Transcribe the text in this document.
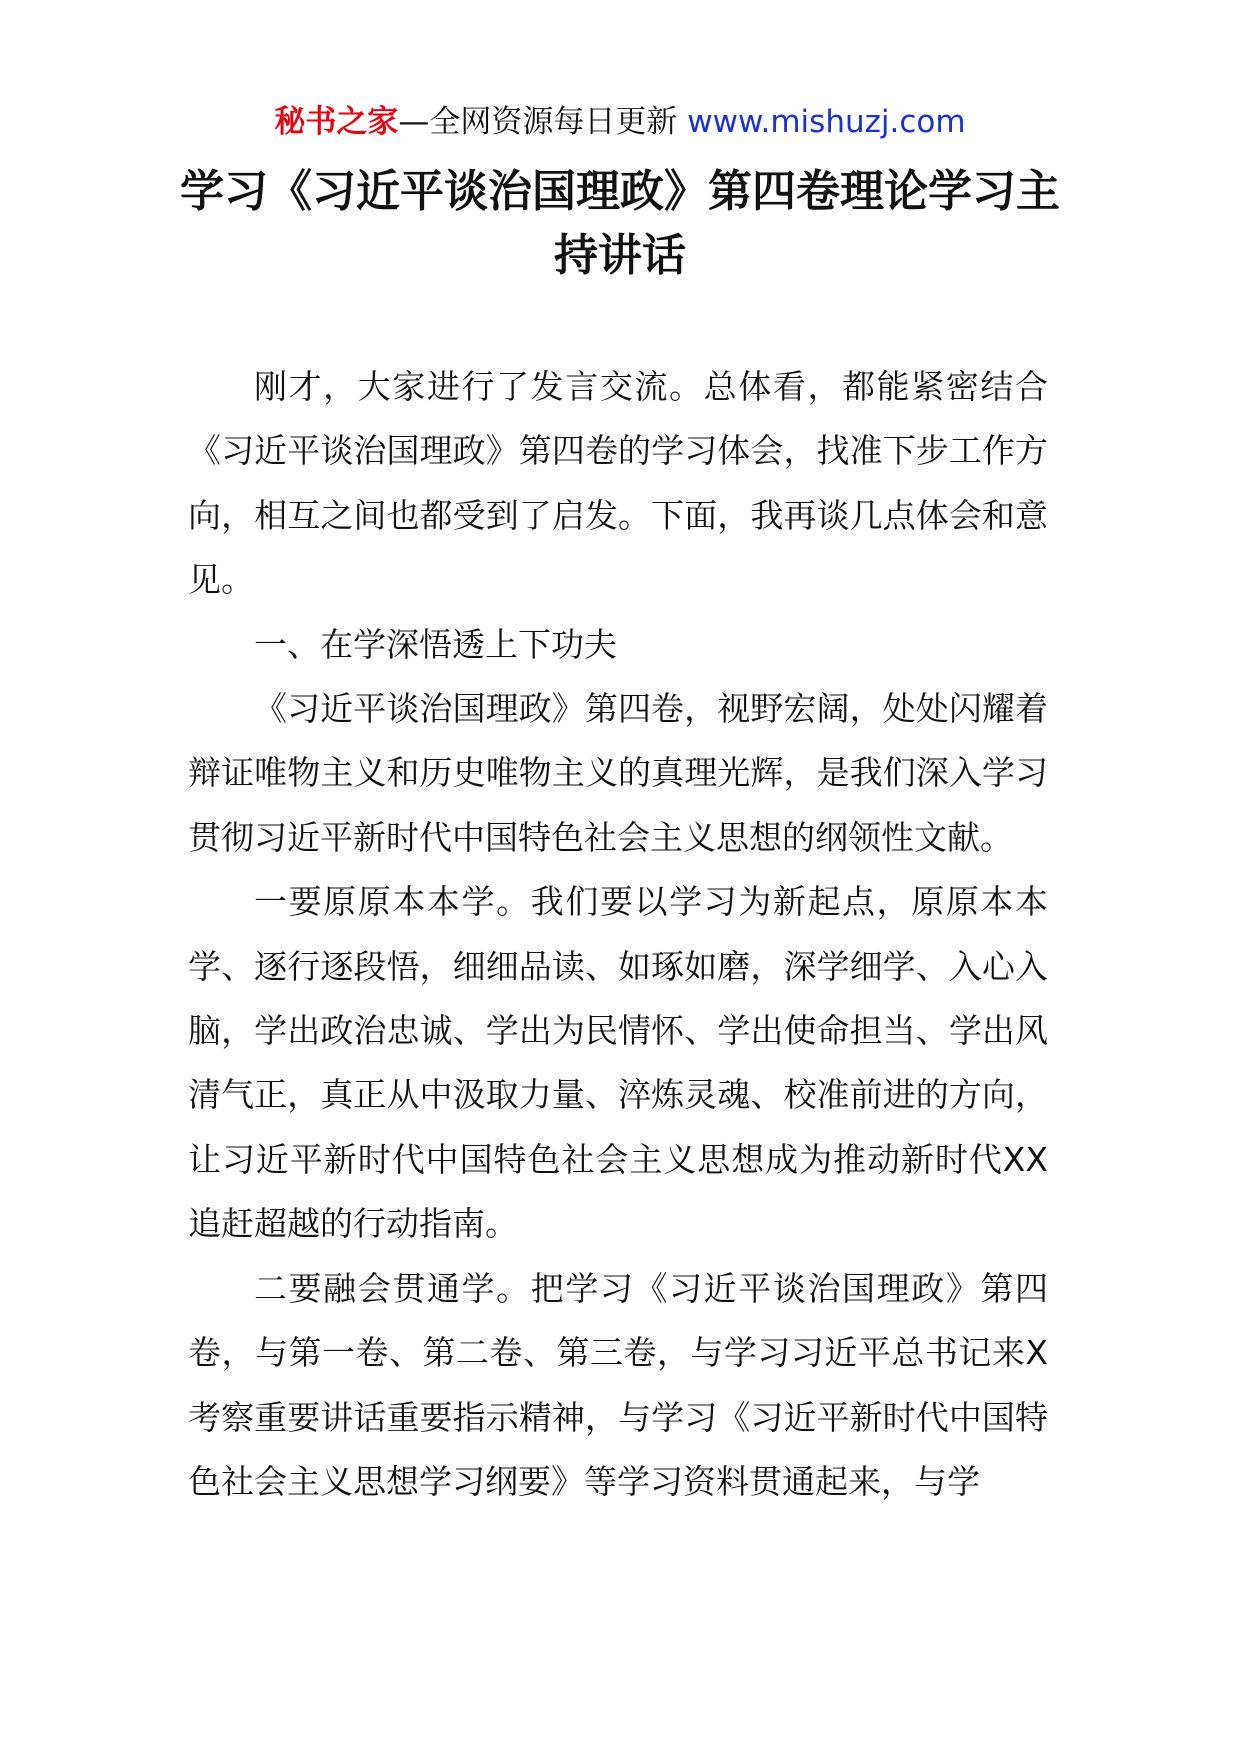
秘书之家—全网资源每日更新 www.mishuzj.com
学习《习近平谈治国理政》第四卷理论学习主持讲话

刚才，大家进行了发言交流。总体看，都能紧密结合《习近平谈治国理政》第四卷的学习体会，找准下步工作方向，相互之间也都受到了启发。下面，我再谈几点体会和意见。

一、在学深悟透上下功夫

《习近平谈治国理政》第四卷，视野宏阔，处处闪耀着辩证唯物主义和历史唯物主义的真理光辉，是我们深入学习贯彻习近平新时代中国特色社会主义思想的纲领性文献。

一要原原本本学。我们要以学习为新起点，原原本本学、逐行逐段悟，细细品读、如琢如磨，深学细学、入心入脑，学出政治忠诚、学出为民情怀、学出使命担当、学出风清气正，真正从中汲取力量、淬炼灵魂、校准前进的方向，让习近平新时代中国特色社会主义思想成为推动新时代XX追赶超越的行动指南。

二要融会贯通学。把学习《习近平谈治国理政》第四卷，与第一卷、第二卷、第三卷，与学习习近平总书记来X考察重要讲话重要指示精神，与学习《习近平新时代中国特色社会主义思想学习纲要》等学习资料贯通起来，与学
